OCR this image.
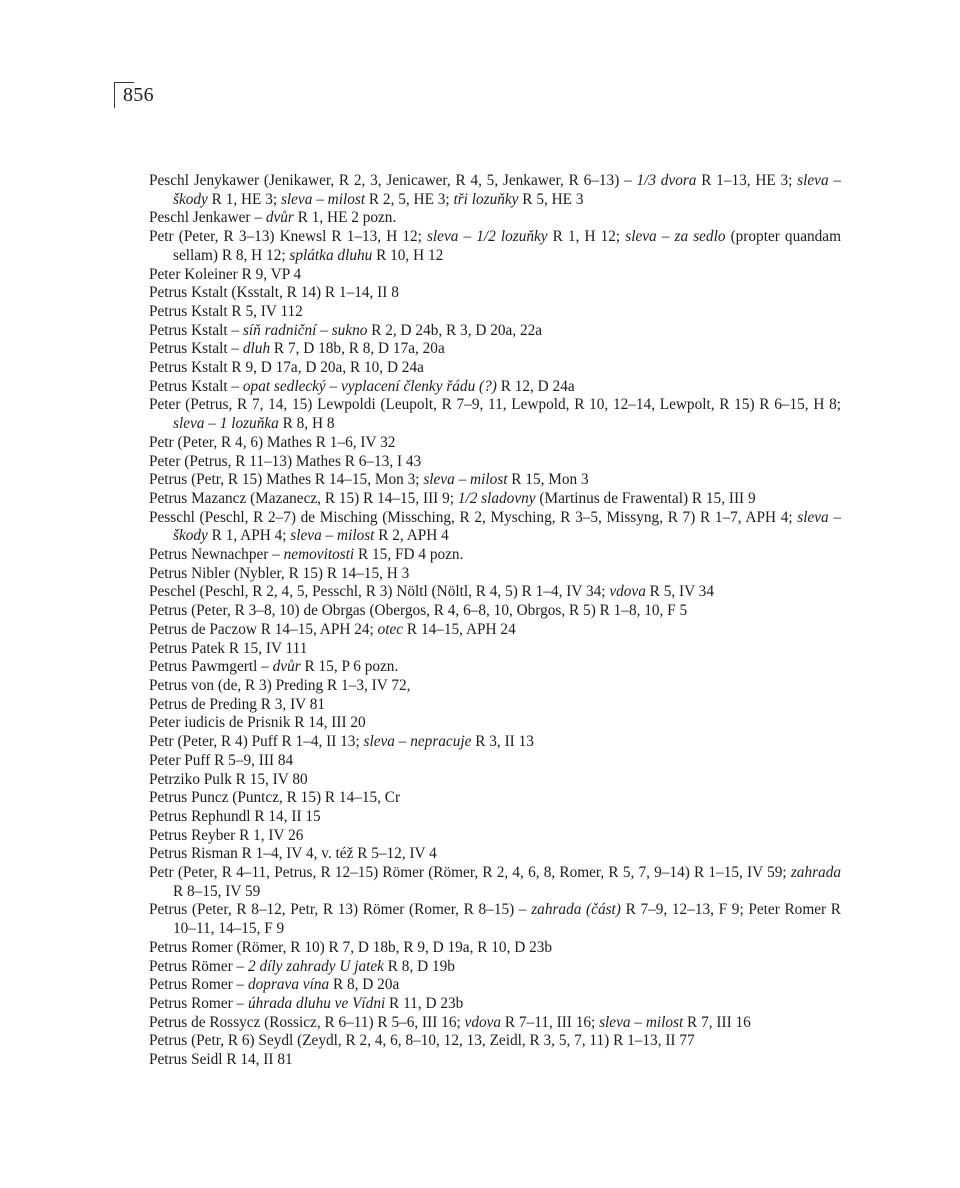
856

Peschl Jenykawer (Jenikawer, R 2, 3, Jenicawer, R 4, 5, Jenkawer, R 6–13) – 1/3 dvora R 1–13, HE 3; sleva – škody R 1, HE 3; sleva – milost R 2, 5, HE 3; tři lozuňky R 5, HE 3

Peschl Jenkawer – dvůr R 1, HE 2 pozn.

Petr (Peter, R 3–13) Knewsl R 1–13, H 12; sleva – 1/2 lozuňky R 1, H 12; sleva – za sedlo (propter quandam sellam) R 8, H 12; splátka dluhu R 10, H 12

Peter Koleiner R 9, VP 4

Petrus Kstalt (Ksstalt, R 14) R 1–14, II 8

Petrus Kstalt R 5, IV 112

Petrus Kstalt – síň radniční – sukno R 2, D 24b, R 3, D 20a, 22a

Petrus Kstalt – dluh R 7, D 18b, R 8, D 17a, 20a

Petrus Kstalt R 9, D 17a, D 20a, R 10, D 24a

Petrus Kstalt – opat sedlecký – vyplacení členky řádu (?) R 12, D 24a

Peter (Petrus, R 7, 14, 15) Lewpoldi (Leupolt, R 7–9, 11, Lewpold, R 10, 12–14, Lewpolt, R 15) R 6–15, H 8; sleva – 1 lozuňka R 8, H 8

Petr (Peter, R 4, 6) Mathes R 1–6, IV 32

Peter (Petrus, R 11–13) Mathes R 6–13, I 43

Petrus (Petr, R 15) Mathes R 14–15, Mon 3; sleva – milost R 15, Mon 3

Petrus Mazancz (Mazanecz, R 15) R 14–15, III 9; 1/2 sladovny (Martinus de Frawental) R 15, III 9

Pesschl (Peschl, R 2–7) de Misching (Missching, R 2, Mysching, R 3–5, Missyng, R 7) R 1–7, APH 4; sleva – škody R 1, APH 4; sleva – milost R 2, APH 4

Petrus Newnachper – nemovitosti R 15, FD 4 pozn.

Petrus Nibler (Nybler, R 15) R 14–15, H 3

Peschel (Peschl, R 2, 4, 5, Pesschl, R 3) Nöltl (Nöltl, R 4, 5) R 1–4, IV 34; vdova R 5, IV 34

Petrus (Peter, R 3–8, 10) de Obrgas (Obergos, R 4, 6–8, 10, Obrgos, R 5) R 1–8, 10, F 5

Petrus de Paczow R 14–15, APH 24; otec R 14–15, APH 24

Petrus Patek R 15, IV 111

Petrus Pawmgertl – dvůr R 15, P 6 pozn.

Petrus von (de, R 3) Preding R 1–3, IV 72,

Petrus de Preding R 3, IV 81

Peter iudicis de Prisnik R 14, III 20

Petr (Peter, R 4) Puff R 1–4, II 13; sleva – nepracuje R 3, II 13

Peter Puff R 5–9, III 84

Petrziko Pulk R 15, IV 80

Petrus Puncz (Puntcz, R 15) R 14–15, Cr

Petrus Rephundl R 14, II 15

Petrus Reyber R 1, IV 26

Petrus Risman R 1–4, IV 4, v. též R 5–12, IV 4

Petr (Peter, R 4–11, Petrus, R 12–15) Römer (Römer, R 2, 4, 6, 8, Romer, R 5, 7, 9–14) R 1–15, IV 59; zahrada R 8–15, IV 59

Petrus (Peter, R 8–12, Petr, R 13) Römer (Romer, R 8–15) – zahrada (část) R 7–9, 12–13, F 9; Peter Romer R 10–11, 14–15, F 9

Petrus Romer (Römer, R 10) R 7, D 18b, R 9, D 19a, R 10, D 23b

Petrus Römer – 2 díly zahrady U jatek R 8, D 19b

Petrus Romer – doprava vína R 8, D 20a

Petrus Romer – úhrada dluhu ve Vídni R 11, D 23b

Petrus de Rossycz (Rossicz, R 6–11) R 5–6, III 16; vdova R 7–11, III 16; sleva – milost R 7, III 16

Petrus (Petr, R 6) Seydl (Zeydl, R 2, 4, 6, 8–10, 12, 13, Zeidl, R 3, 5, 7, 11) R 1–13, II 77

Petrus Seidl R 14, II 81
